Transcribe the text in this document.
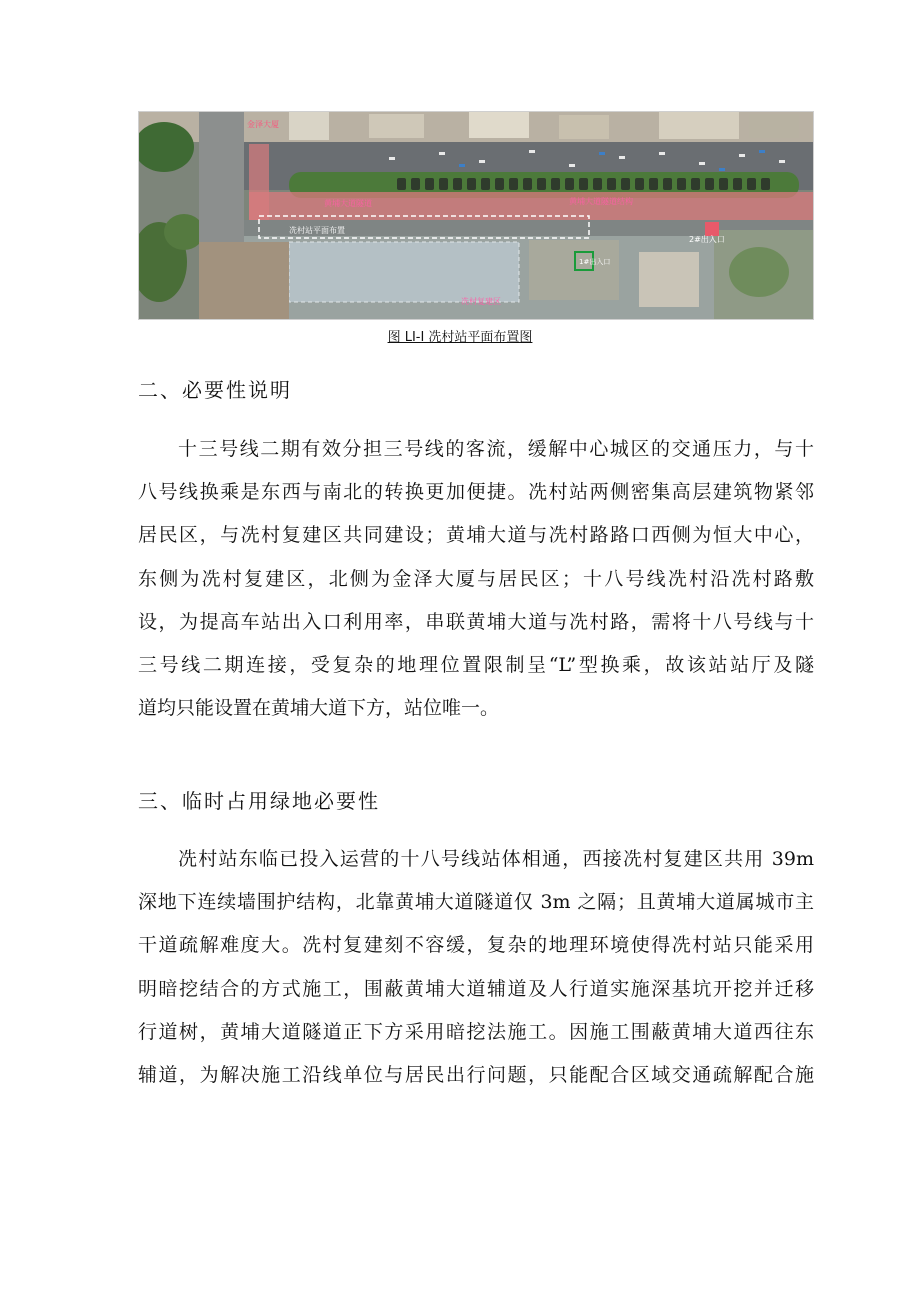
金泽大厦
黄埔大道隧道	黄埔大道隧道结构
冼村站平面布置
2#出入口
1#出入口
冼村复建区
图 LI-I 冼村站平面布置图
二、必要性说明
十三号线二期有效分担三号线的客流，缓解中心城区的交通压力，与十
八号线换乘是东西与南北的转换更加便捷。冼村站两侧密集高层建筑物紧邻
居民区，与冼村复建区共同建设；黄埔大道与冼村路路口西侧为恒大中心，
东侧为冼村复建区，北侧为金泽大厦与居民区；十八号线冼村沿冼村路敷
设，为提高车站出入口利用率，串联黄埔大道与冼村路，需将十八号线与十
三号线二期连接，受复杂的地理位置限制呈“L”型换乘，故该站站厅及隧
道均只能设置在黄埔大道下方，站位唯一。
三、临时占用绿地必要性
冼村站东临已投入运营的十八号线站体相通，西接冼村复建区共用 39m
深地下连续墙围护结构，北靠黄埔大道隧道仅 3m 之隔；且黄埔大道属城市主
干道疏解难度大。冼村复建刻不容缓，复杂的地理环境使得冼村站只能采用
明暗挖结合的方式施工，围蔽黄埔大道辅道及人行道实施深基坑开挖并迁移
行道树，黄埔大道隧道正下方采用暗挖法施工。因施工围蔽黄埔大道西往东
辅道，为解决施工沿线单位与居民出行问题，只能配合区域交通疏解配合施
